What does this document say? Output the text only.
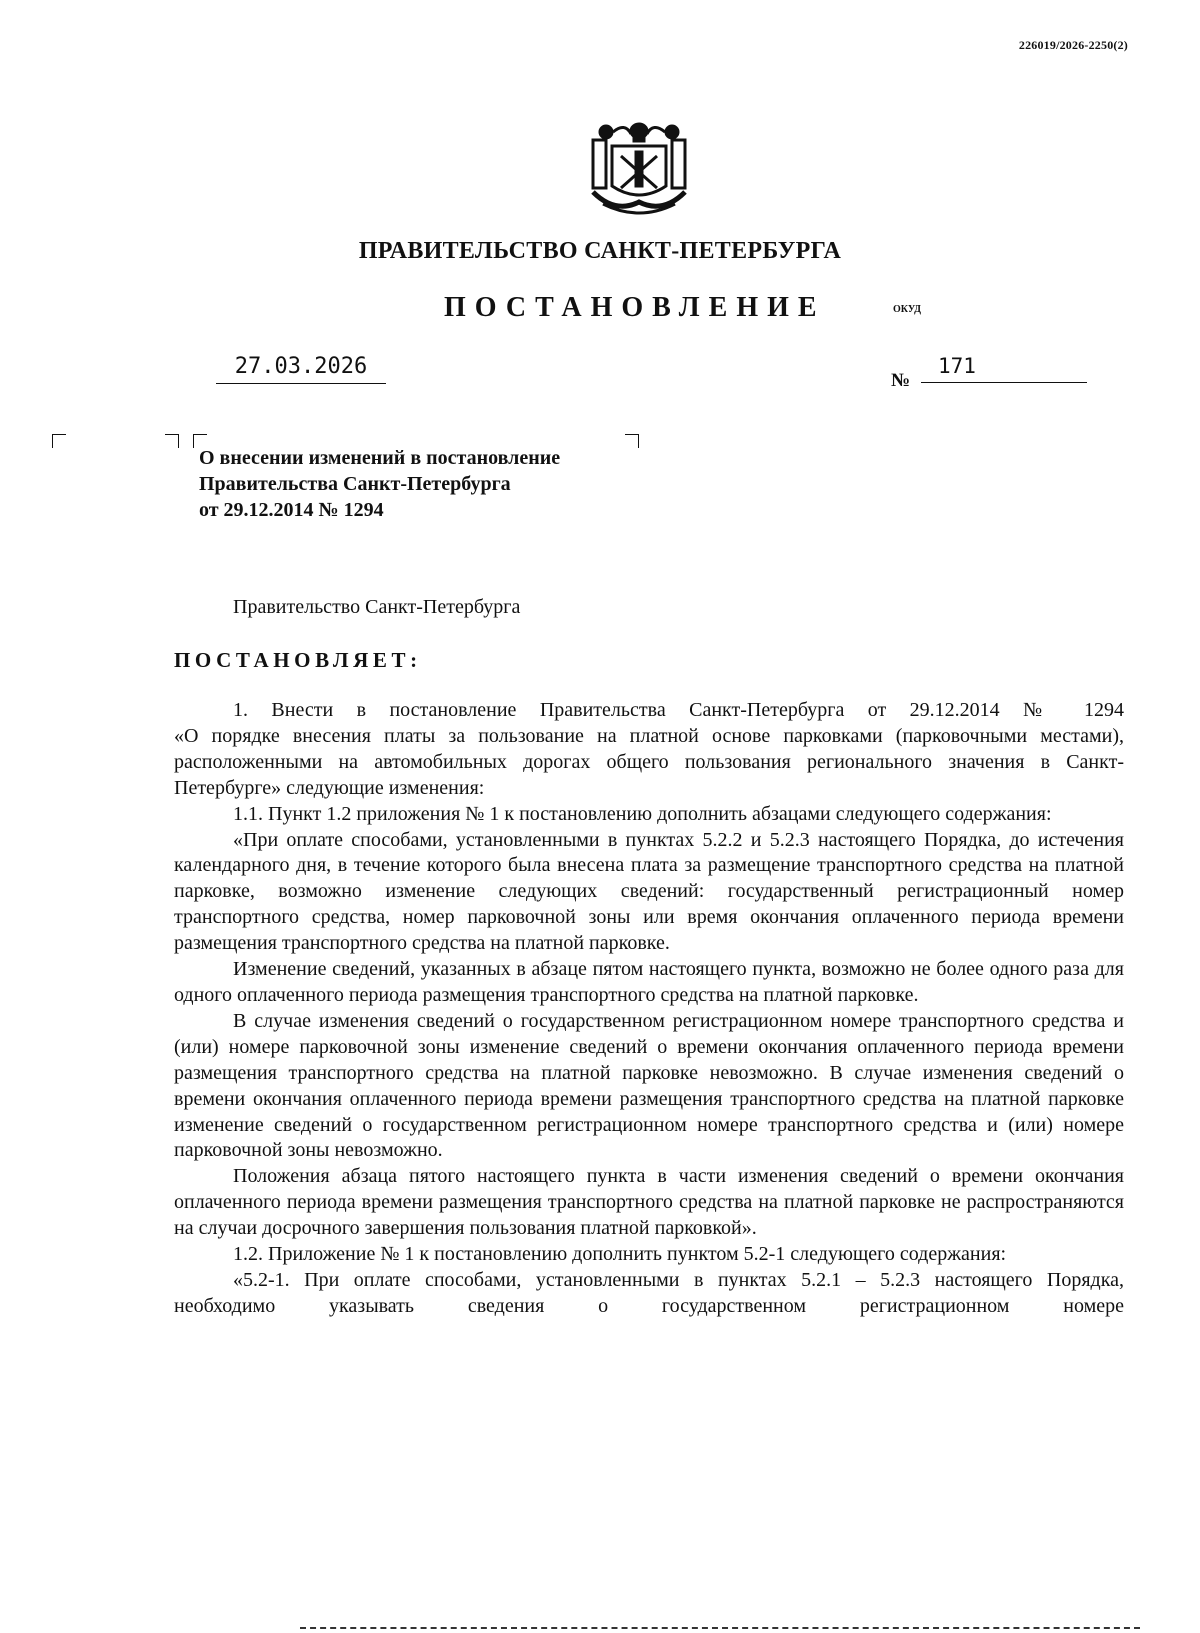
226019/2026-2250(2)
ПРАВИТЕЛЬСТВО САНКТ-ПЕТЕРБУРГА
ПОСТАНОВЛЕНИЕ	ОКУД
27.03.2026
№
171
О внесении изменений в постановление
Правительства Санкт-Петербурга
от 29.12.2014 № 1294
Правительство Санкт-Петербурга
ПОСТАНОВЛЯЕТ:

1. Внести в постановление Правительства Санкт-Петербурга от 29.12.2014 № 1294

«О порядке внесения платы за пользование на платной основе парковками (парковочными местами), расположенными на автомобильных дорогах общего пользования регионального значения в Санкт-Петербурге» следующие изменения:

1.1. Пункт 1.2 приложения № 1 к постановлению дополнить абзацами следующего содержания:

«При оплате способами, установленными в пунктах 5.2.2 и 5.2.3 настоящего Порядка, до истечения календарного дня, в течение которого была внесена плата за размещение транспортного средства на платной парковке, возможно изменение следующих сведений: государственный регистрационный номер транспортного средства, номер парковочной зоны или время окончания оплаченного периода времени размещения транспортного средства на платной парковке.

Изменение сведений, указанных в абзаце пятом настоящего пункта, возможно не более одного раза для одного оплаченного периода размещения транспортного средства на платной парковке.

В случае изменения сведений о государственном регистрационном номере транспортного средства и (или) номере парковочной зоны изменение сведений о времени окончания оплаченного периода времени размещения транспортного средства на платной парковке невозможно. В случае изменения сведений о времени окончания оплаченного периода времени размещения транспортного средства на платной парковке изменение сведений о государственном регистрационном номере транспортного средства и (или) номере парковочной зоны невозможно.

Положения абзаца пятого настоящего пункта в части изменения сведений о времени окончания оплаченного периода времени размещения транспортного средства на платной парковке не распространяются на случаи досрочного завершения пользования платной парковкой».

1.2. Приложение № 1 к постановлению дополнить пунктом 5.2-1 следующего содержания:

«5.2-1. При оплате способами, установленными в пунктах 5.2.1 – 5.2.3 настоящего Порядка, необходимо указывать сведения о государственном регистрационном номере
